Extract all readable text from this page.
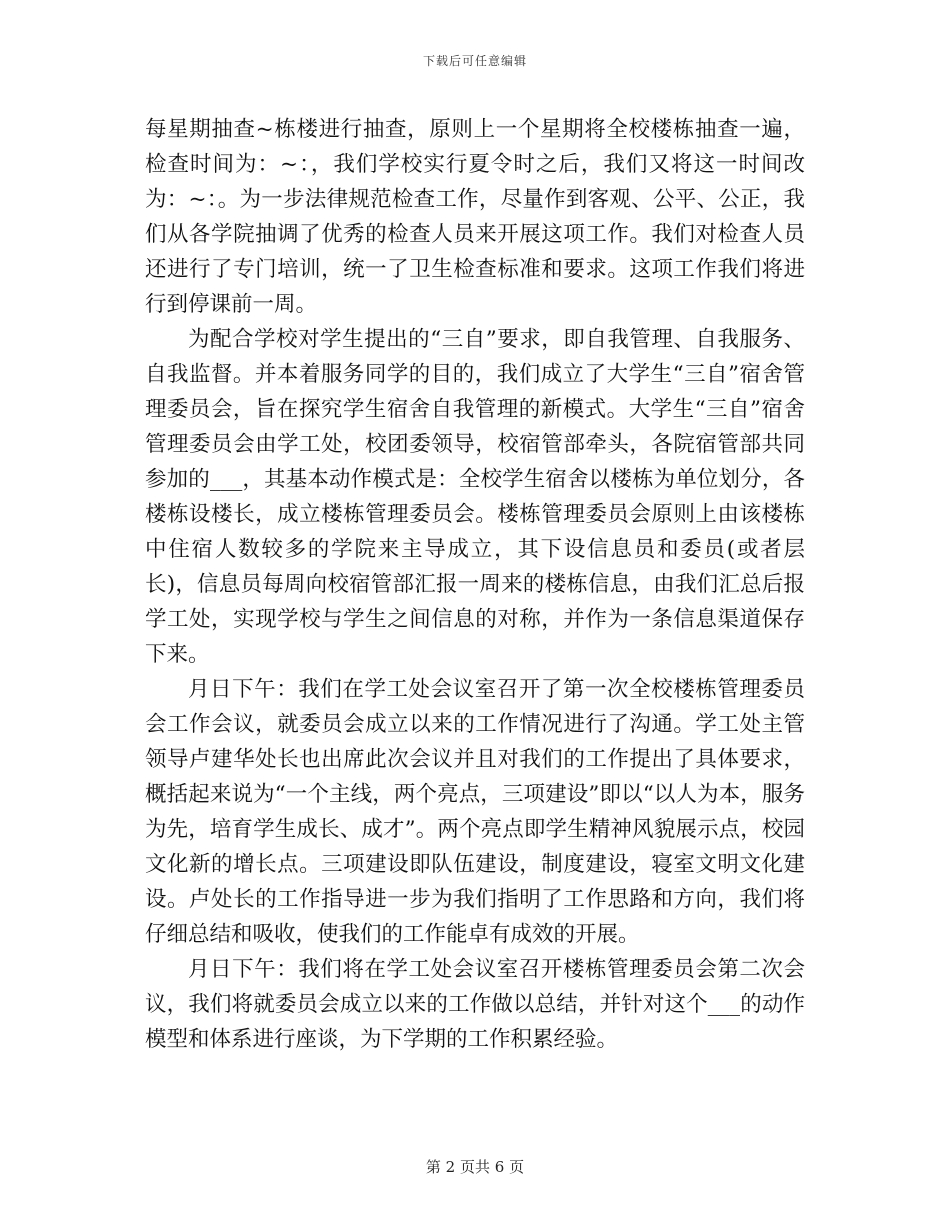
下载后可任意编辑

每星期抽查~栋楼进行抽查，原则上一个星期将全校楼栋抽查一遍，检查时间为：~：，我们学校实行夏令时之后，我们又将这一时间改为：~：。为一步法律规范检查工作，尽量作到客观、公平、公正，我们从各学院抽调了优秀的检查人员来开展这项工作。我们对检查人员还进行了专门培训，统一了卫生检查标准和要求。这项工作我们将进行到停课前一周。

为配合学校对学生提出的“三自”要求，即自我管理、自我服务、自我监督。并本着服务同学的目的，我们成立了大学生“三自”宿舍管理委员会，旨在探究学生宿舍自我管理的新模式。大学生“三自”宿舍管理委员会由学工处，校团委领导，校宿管部牵头，各院宿管部共同参加的___，其基本动作模式是：全校学生宿舍以楼栋为单位划分，各楼栋设楼长，成立楼栋管理委员会。楼栋管理委员会原则上由该楼栋中住宿人数较多的学院来主导成立，其下设信息员和委员(或者层长)，信息员每周向校宿管部汇报一周来的楼栋信息，由我们汇总后报学工处，实现学校与学生之间信息的对称，并作为一条信息渠道保存下来。

月日下午：我们在学工处会议室召开了第一次全校楼栋管理委员会工作会议，就委员会成立以来的工作情况进行了沟通。学工处主管领导卢建华处长也出席此次会议并且对我们的工作提出了具体要求，概括起来说为“一个主线，两个亮点，三项建设”即以“以人为本，服务为先，培育学生成长、成才”。两个亮点即学生精神风貌展示点，校园文化新的增长点。三项建设即队伍建设，制度建设，寝室文明文化建设。卢处长的工作指导进一步为我们指明了工作思路和方向，我们将仔细总结和吸收，使我们的工作能卓有成效的开展。

月日下午：我们将在学工处会议室召开楼栋管理委员会第二次会议，我们将就委员会成立以来的工作做以总结，并针对这个___的动作模型和体系进行座谈，为下学期的工作积累经验。

第 2 页共 6 页
